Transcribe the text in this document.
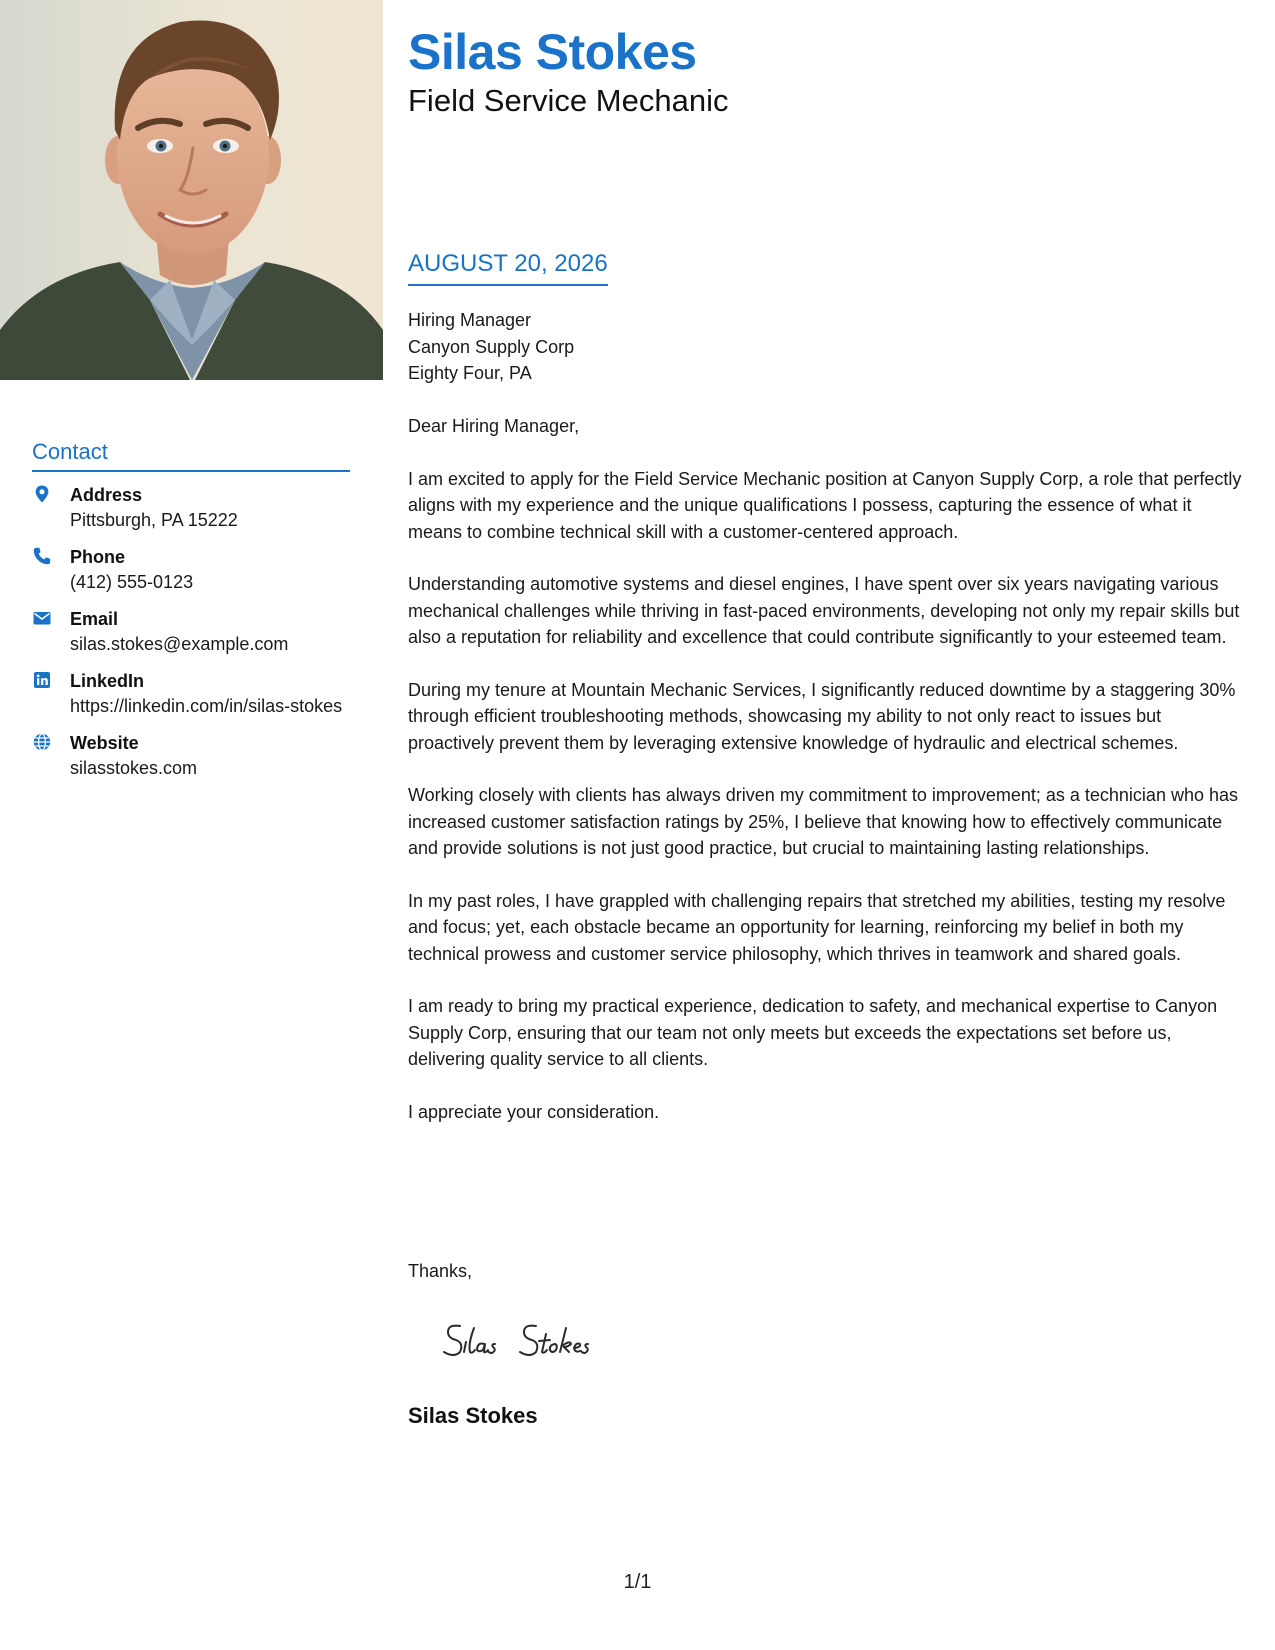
Silas Stokes
Field Service Mechanic
Contact
Address
Pittsburgh, PA 15222
Phone
(412) 555-0123
Email
silas.stokes@example.com
LinkedIn
https://linkedin.com/in/silas-stokes
Website
silasstokes.com
AUGUST 20, 2026
Hiring Manager
Canyon Supply Corp
Eighty Four, PA

Dear Hiring Manager,

I am excited to apply for the Field Service Mechanic position at Canyon Supply Corp, a role that perfectly aligns with my experience and the unique qualifications I possess, capturing the essence of what it means to combine technical skill with a customer-centered approach.

Understanding automotive systems and diesel engines, I have spent over six years navigating various mechanical challenges while thriving in fast-paced environments, developing not only my repair skills but also a reputation for reliability and excellence that could contribute significantly to your esteemed team.

During my tenure at Mountain Mechanic Services, I significantly reduced downtime by a staggering 30% through efficient troubleshooting methods, showcasing my ability to not only react to issues but proactively prevent them by leveraging extensive knowledge of hydraulic and electrical schemes.

Working closely with clients has always driven my commitment to improvement; as a technician who has increased customer satisfaction ratings by 25%, I believe that knowing how to effectively communicate and provide solutions is not just good practice, but crucial to maintaining lasting relationships.

In my past roles, I have grappled with challenging repairs that stretched my abilities, testing my resolve and focus; yet, each obstacle became an opportunity for learning, reinforcing my belief in both my technical prowess and customer service philosophy, which thrives in teamwork and shared goals.

I am ready to bring my practical experience, dedication to safety, and mechanical expertise to Canyon Supply Corp, ensuring that our team not only meets but exceeds the expectations set before us, delivering quality service to all clients.

I appreciate your consideration.

Thanks,
Silas Stokes
1/1
